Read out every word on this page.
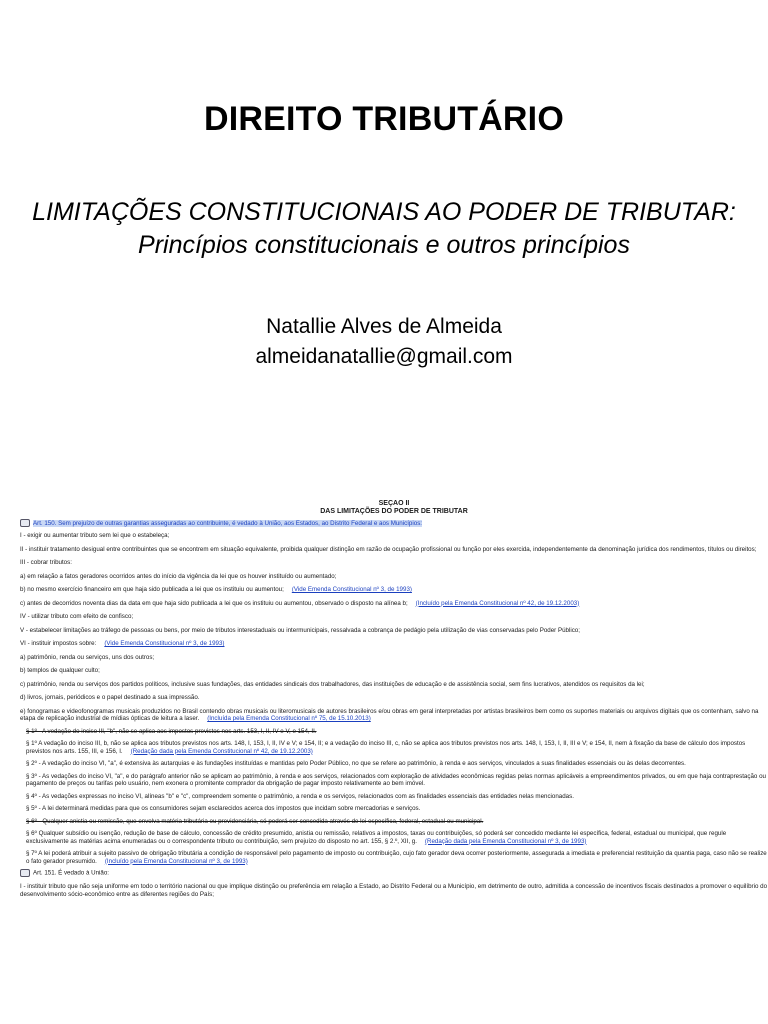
DIREITO TRIBUTÁRIO
LIMITAÇÕES CONSTITUCIONAIS AO PODER DE TRIBUTAR:
Princípios constitucionais e outros princípios
Natallie Alves de Almeida
almeidanatallie@gmail.com
SEÇÃO II
DAS LIMITAÇÕES DO PODER DE TRIBUTAR

Art. 150. Sem prejuízo de outras garantias asseguradas ao contribuinte, é vedado à União, aos Estados, ao Distrito Federal e aos Municípios:

I - exigir ou aumentar tributo sem lei que o estabeleça;

II - instituir tratamento desigual entre contribuintes que se encontrem em situação equivalente, proibida qualquer distinção em razão de ocupação profissional ou função por eles exercida, independentemente da denominação jurídica dos rendimentos, títulos ou direitos;

III - cobrar tributos:

a) em relação a fatos geradores ocorridos antes do início da vigência da lei que os houver instituído ou aumentado;

b) no mesmo exercício financeiro em que haja sido publicada a lei que os instituiu ou aumentou; (Vide Emenda Constitucional nº 3, de 1993)

c) antes de decorridos noventa dias da data em que haja sido publicada a lei que os instituiu ou aumentou, observado o disposto na alínea b; (Incluído pela Emenda Constitucional nº 42, de 19.12.2003)

IV - utilizar tributo com efeito de confisco;

V - estabelecer limitações ao tráfego de pessoas ou bens, por meio de tributos interestaduais ou intermunicipais, ressalvada a cobrança de pedágio pela utilização de vias conservadas pelo Poder Público;

VI - instituir impostos sobre: (Vide Emenda Constitucional nº 3, de 1993)

a) patrimônio, renda ou serviços, uns dos outros;

b) templos de qualquer culto;

c) patrimônio, renda ou serviços dos partidos políticos, inclusive suas fundações, das entidades sindicais dos trabalhadores, das instituições de educação e de assistência social, sem fins lucrativos, atendidos os requisitos da lei;

d) livros, jornais, periódicos e o papel destinado a sua impressão.

e) fonogramas e videofonogramas musicais produzidos no Brasil contendo obras musicais ou literomusicais de autores brasileiros e/ou obras em geral interpretadas por artistas brasileiros bem como os suportes materiais ou arquivos digitais que os contenham, salvo na etapa de replicação industrial de mídias ópticas de leitura a laser. (Incluída pela Emenda Constitucional nº 75, de 15.10.2013)

§ 1º - A vedação do inciso III, "b", não se aplica aos impostos previstos nos arts. 153, I, II, IV e V, e 154, II.

§ 1º A vedação do inciso III, b, não se aplica aos tributos previstos nos arts. 148, I, 153, I, II, IV e V; e 154, II; e a vedação do inciso III, c, não se aplica aos tributos previstos nos arts. 148, I, 153, I, II, III e V; e 154, II, nem à fixação da base de cálculo dos impostos previstos nos arts. 155, III, e 156, I. (Redação dada pela Emenda Constitucional nº 42, de 19.12.2003)

§ 2º - A vedação do inciso VI, "a", é extensiva às autarquias e às fundações instituídas e mantidas pelo Poder Público, no que se refere ao patrimônio, à renda e aos serviços, vinculados a suas finalidades essenciais ou às delas decorrentes.

§ 3º - As vedações do inciso VI, "a", e do parágrafo anterior não se aplicam ao patrimônio, à renda e aos serviços, relacionados com exploração de atividades econômicas regidas pelas normas aplicáveis a empreendimentos privados, ou em que haja contraprestação ou pagamento de preços ou tarifas pelo usuário, nem exonera o promitente comprador da obrigação de pagar imposto relativamente ao bem imóvel.

§ 4º - As vedações expressas no inciso VI, alíneas "b" e "c", compreendem somente o patrimônio, a renda e os serviços, relacionados com as finalidades essenciais das entidades nelas mencionadas.

§ 5º - A lei determinará medidas para que os consumidores sejam esclarecidos acerca dos impostos que incidam sobre mercadorias e serviços.

§ 6º - Qualquer anistia ou remissão, que envolva matéria tributária ou previdenciária, só poderá ser concedida através de lei específica, federal, estadual ou municipal.

§ 6º Qualquer subsídio ou isenção, redução de base de cálculo, concessão de crédito presumido, anistia ou remissão, relativos a impostos, taxas ou contribuições, só poderá ser concedido mediante lei específica, federal, estadual ou municipal, que regule exclusivamente as matérias acima enumeradas ou o correspondente tributo ou contribuição, sem prejuízo do disposto no art. 155, § 2.º, XII, g. (Redação dada pela Emenda Constitucional nº 3, de 1993)

§ 7º A lei poderá atribuir a sujeito passivo de obrigação tributária a condição de responsável pelo pagamento de imposto ou contribuição, cujo fato gerador deva ocorrer posteriormente, assegurada a imediata e preferencial restituição da quantia paga, caso não se realize o fato gerador presumido. (Incluído pela Emenda Constitucional nº 3, de 1993)

Art. 151. É vedado à União:

I - instituir tributo que não seja uniforme em todo o território nacional ou que implique distinção ou preferência em relação a Estado, ao Distrito Federal ou a Município, em detrimento de outro, admitida a concessão de incentivos fiscais destinados a promover o equilíbrio do desenvolvimento sócio-econômico entre as diferentes regiões do País;
